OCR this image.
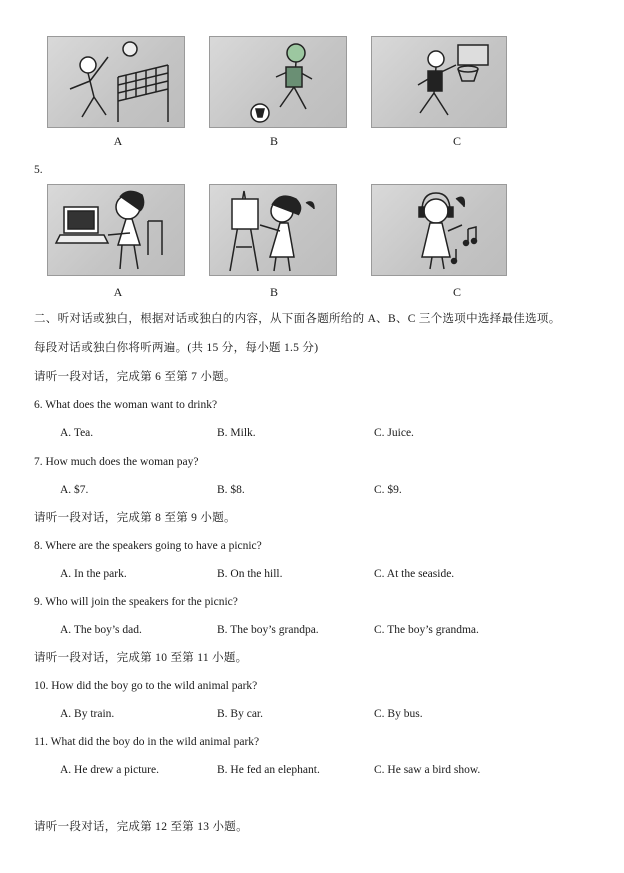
A	B	C
5.
A	B	C
二、听对话或独白，根据对话或独白的内容，从下面各题所给的 A、B、C 三个选项中选择最佳选项。
每段对话或独白你将听两遍。(共 15 分，每小题 1.5 分)
请听一段对话，完成第 6 至第 7 小题。
6. What does the woman want to drink?
A. Tea.	B. Milk.	C. Juice.
7. How much does the woman pay?
A. $7.	B. $8.	C. $9.
请听一段对话，完成第 8 至第 9 小题。
8. Where are the speakers going to have a picnic?
A. In the park.	B. On the hill.	C. At the seaside.
9. Who will join the speakers for the picnic?
A. The boy’s dad.	B. The boy’s grandpa.	C. The boy’s grandma.
请听一段对话，完成第 10 至第 11 小题。
10. How did the boy go to the wild animal park?
A. By train.	B. By car.	C. By bus.
11. What did the boy do in the wild animal park?
A. He drew a picture.	B. He fed an elephant.	C. He saw a bird show.
请听一段对话，完成第 12 至第 13 小题。
